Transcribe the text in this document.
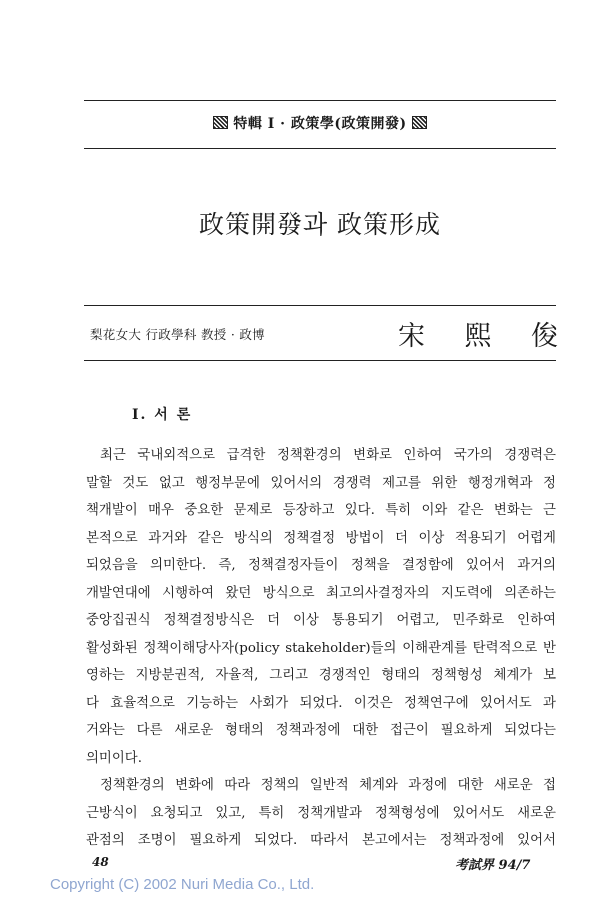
特輯 I · 政策學(政策開發)
政策開發과 政策形成
梨花女大 行政學科 教授 · 政博	宋 熙 俊
I. 서 론
최근 국내외적으로 급격한 정책환경의 변화로 인하여 국가의 경쟁력은
말할 것도 없고 행정부문에 있어서의 경쟁력 제고를 위한 행정개혁과 정
책개발이 매우 중요한 문제로 등장하고 있다. 특히 이와 같은 변화는 근
본적으로 과거와 같은 방식의 정책결정 방법이 더 이상 적용되기 어렵게
되었음을 의미한다. 즉, 정책결정자들이 정책을 결정함에 있어서 과거의
개발연대에 시행하여 왔던 방식으로 최고의사결정자의 지도력에 의존하는
중앙집권식 정책결정방식은 더 이상 통용되기 어렵고, 민주화로 인하여
활성화된 정책이해당사자(policy stakeholder)들의 이해관계를 탄력적으로 반
영하는 지방분권적, 자율적, 그리고 경쟁적인 형태의 정책형성 체계가 보
다 효율적으로 기능하는 사회가 되었다. 이것은 정책연구에 있어서도 과
거와는 다른 새로운 형태의 정책과정에 대한 접근이 필요하게 되었다는
의미이다.
정책환경의 변화에 따라 정책의 일반적 체계와 과정에 대한 새로운 접
근방식이 요청되고 있고, 특히 정책개발과 정책형성에 있어서도 새로운
관점의 조명이 필요하게 되었다. 따라서 본고에서는 정책과정에 있어서
48	考試界 94/7
Copyright (C) 2002 Nuri Media Co., Ltd.
